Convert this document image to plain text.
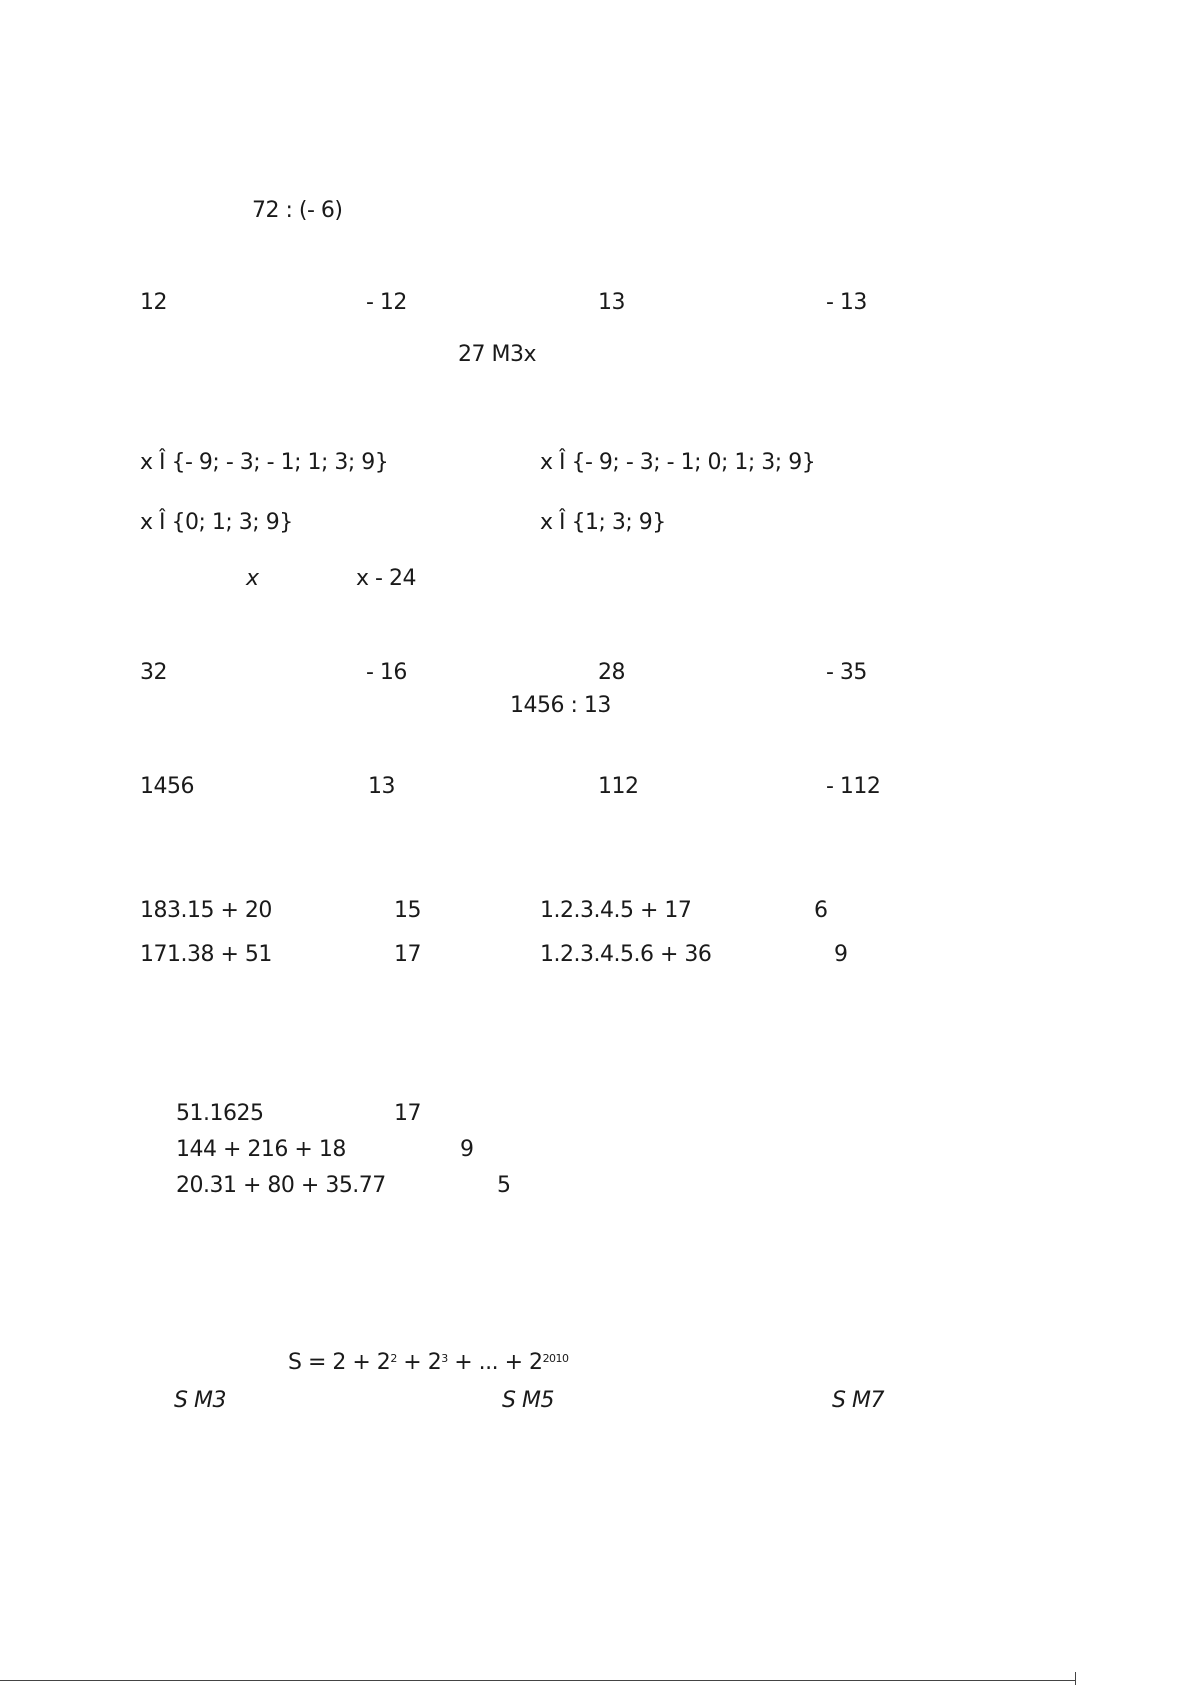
72 : (- 6)
12	- 12	13	- 13
27 M3x
x Î {- 9; - 3; - 1; 1; 3; 9}	x Î {- 9; - 3; - 1; 0; 1; 3; 9}
x Î {0; 1; 3; 9}	x Î {1; 3; 9}
x	x - 24
32	- 16	28	- 35
1456 : 13
1456	13	112	- 112
183.15 + 20	15	1.2.3.4.5 + 17	6
171.38 + 51	17	1.2.3.4.5.6 + 36	9
51.1625	17
144 + 216 + 18	9
20.31 + 80 + 35.77	5
$S = 2 + 2^2 + 2^3$ + ... + $2^{2010}$
S M3	S M5	S M7
